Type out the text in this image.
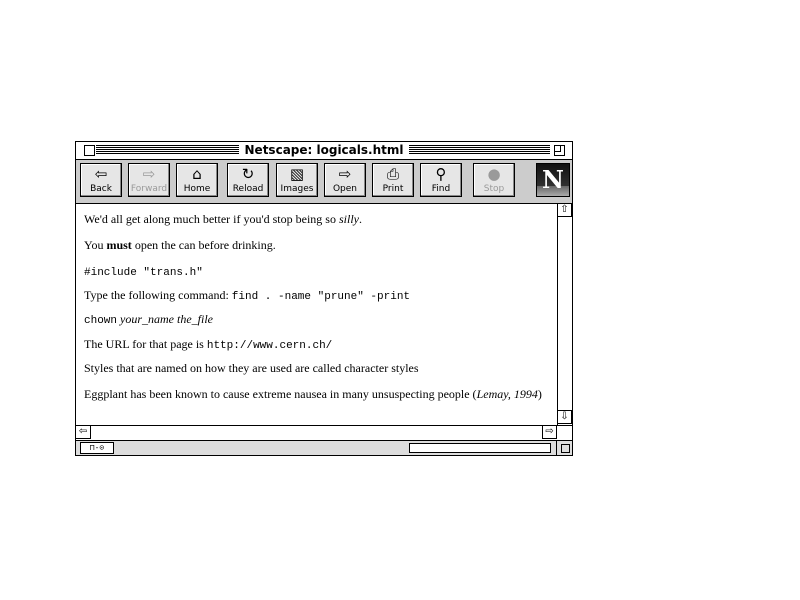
Netscape: logicals.html
⇦
Back
⇨
Forward
⌂
Home
↻
Reload
▧
Images
⇨
Open
⎙
Print
⚲
Find
●
Stop	N

We'd all get along much better if you'd stop being so silly.

You must open the can before drinking.

#include "trans.h"

Type the following command: find . -name "prune" -print

chown your_name the_file

The URL for that page is http://www.cern.ch/

Styles that are named on how they are used are called character styles

Eggplant has been known to cause extreme nausea in many unsuspecting people (Lemay, 1994)

⇧
⇩
⇦	⇨
⊓-⊙
